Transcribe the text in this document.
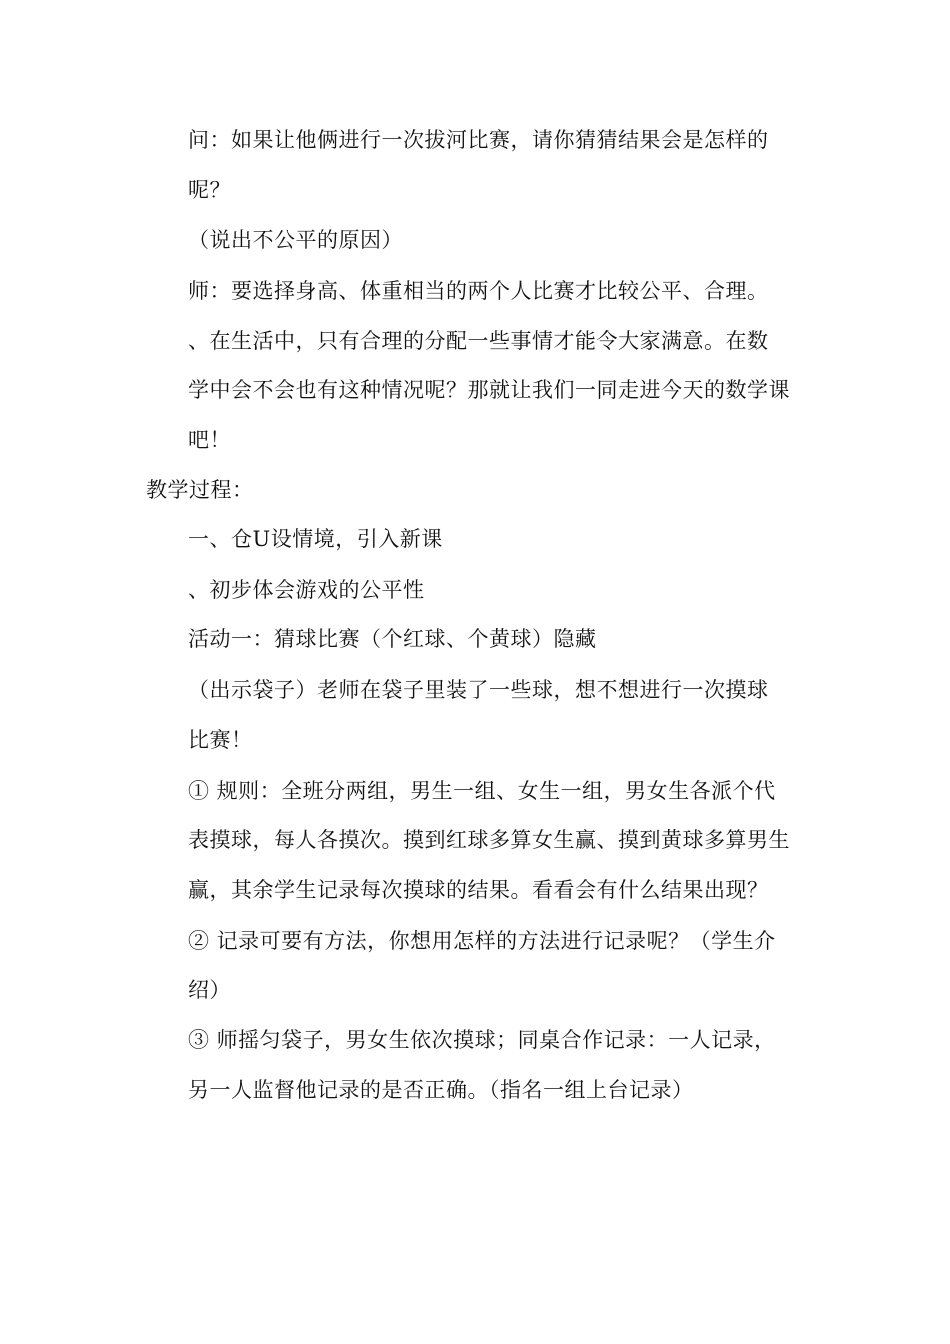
问：如果让他俩进行一次拔河比赛，请你猜猜结果会是怎样的
呢？
（说出不公平的原因）
师：要选择身高、体重相当的两个人比赛才比较公平、合理。
、在生活中，只有合理的分配一些事情才能令大家满意。在数
学中会不会也有这种情况呢？那就让我们一同走进今天的数学课
吧！
教学过程：
一、仓U设情境，引入新课
、初步体会游戏的公平性
活动一：猜球比赛（个红球、个黄球）隐藏
（出示袋子）老师在袋子里装了一些球，想不想进行一次摸球
比赛！
① 规则：全班分两组，男生一组、女生一组，男女生各派个代
表摸球，每人各摸次。摸到红球多算女生赢、摸到黄球多算男生
赢，其余学生记录每次摸球的结果。看看会有什么结果出现？
② 记录可要有方法，你想用怎样的方法进行记录呢？（学生介
绍）
③ 师摇匀袋子，男女生依次摸球；同桌合作记录：一人记录，
另一人监督他记录的是否正确。（指名一组上台记录）
